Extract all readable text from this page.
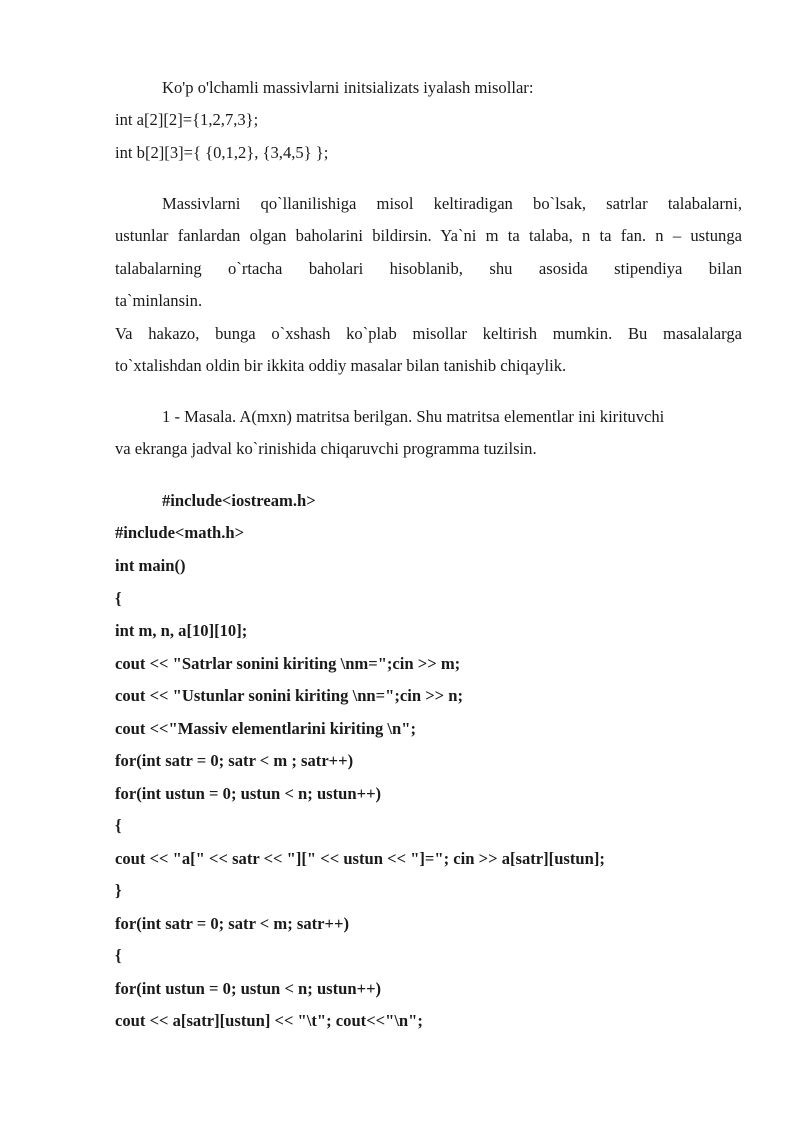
Ko'p o'lchamli massivlarni initsializats iyalash misollar:
int a[2][2]={1,2,7,3};
int b[2][3]={ {0,1,2}, {3,4,5} };
Massivlarni qo`llanilishiga misol keltiradigan bo`lsak, satrlar talabalarni,
ustunlar fanlardan olgan baholarini bildirsin. Ya`ni m ta talaba, n ta fan. n – ustunga
talabalarning o`rtacha baholari hisoblanib, shu asosida stipendiya bilan
ta`minlansin.
Va hakazo, bunga o`xshash ko`plab misollar keltirish mumkin. Bu masalalarga
to`xtalishdan oldin bir ikkita oddiy masalar bilan tanishib chiqaylik.
1 - Masala. A(mxn) matritsa berilgan. Shu matritsa elementlar ini kirituvchi
va ekranga jadval ko`rinishida chiqaruvchi programma tuzilsin.
#include<iostream.h>
#include<math.h>
int main()
{
int m, n, a[10][10];
cout << "Satrlar sonini kiriting \nm=";cin >> m;
cout << "Ustunlar sonini kiriting \nn=";cin >> n;
cout <<"Massiv elementlarini kiriting \n";
for(int satr = 0; satr < m ; satr++)
for(int ustun = 0; ustun < n; ustun++)
{
cout << "a[" << satr << "][" << ustun << "]="; cin >> a[satr][ustun];
}
for(int satr = 0; satr < m; satr++)
{
for(int ustun = 0; ustun < n; ustun++)
cout << a[satr][ustun] << "\t"; cout<<"\n";
